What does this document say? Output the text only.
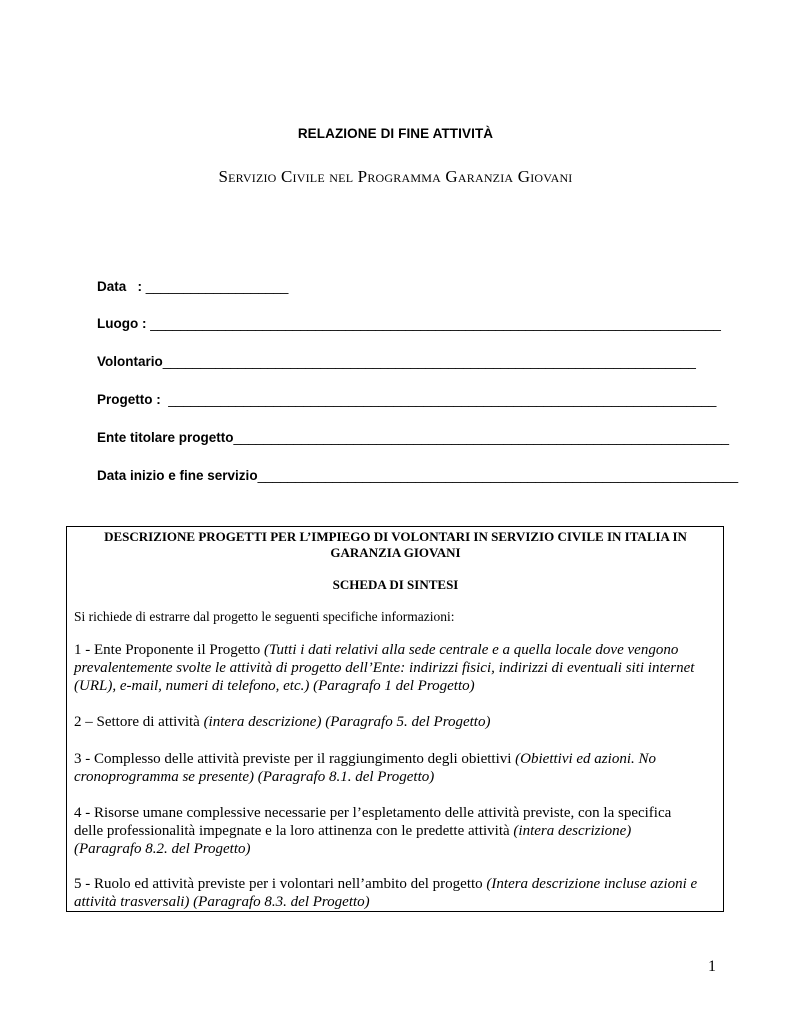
RELAZIONE DI FINE ATTIVITÀ
Servizio Civile nel Programma Garanzia Giovani

Data   : ___________________

Luogo : ____________________________________________________________________________

Volontario_______________________________________________________________________

Progetto :  _________________________________________________________________________

Ente titolare progetto__________________________________________________________________

Data inizio e fine servizio________________________________________________________________

DESCRIZIONE PROGETTI PER L’IMPIEGO DI VOLONTARI IN SERVIZIO CIVILE IN ITALIA IN
GARANZIA GIOVANI
SCHEDA DI SINTESI
Si richiede di estrarre dal progetto le seguenti specifiche informazioni:
1 - Ente Proponente il Progetto (Tutti i dati relativi alla sede centrale e a quella locale dove vengono
prevalentemente svolte le attività di progetto dell’Ente: indirizzi fisici, indirizzi di eventuali siti internet
(URL), e-mail, numeri di telefono, etc.) (Paragrafo 1 del Progetto)
2 – Settore di attività (intera descrizione) (Paragrafo 5. del Progetto)
3 - Complesso delle attività previste per il raggiungimento degli obiettivi (Obiettivi ed azioni. No
cronoprogramma se presente) (Paragrafo 8.1. del Progetto)
4 - Risorse umane complessive necessarie per l’espletamento delle attività previste, con la specifica
delle professionalità impegnate e la loro attinenza con le predette attività (intera descrizione)
(Paragrafo 8.2. del Progetto)
5 - Ruolo ed attività previste per i volontari nell’ambito del progetto (Intera descrizione incluse azioni e
attività trasversali) (Paragrafo 8.3. del Progetto)
1
